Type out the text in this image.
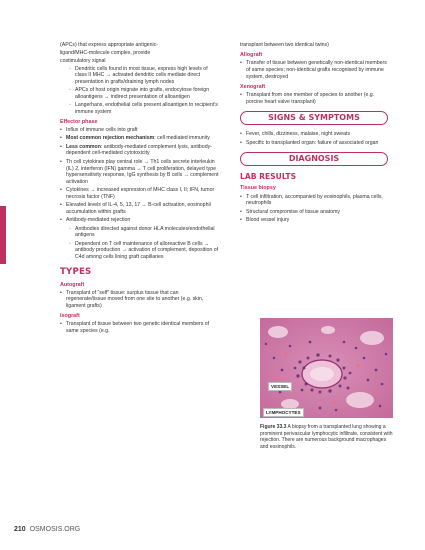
(APCs) that express appropriate antigenic-

ligand/MHC-molecule complex, provide

costimulatory signal

◦ Dendritic cells found in most tissue, express high levels of class II MHC → activated dendritic cells mediate direct presentation in grafts/draining lymph nodes
◦ APCs of host origin migrate into grafts, endocytose foreign alloantigens → indirect presentation of alloantigen
◦ Langerhans, endothelial cells present alloantigen to recipient's immune system
Effector phase
• Influx of immune cells into graft
• Most common rejection mechanism: cell mediated immunity
• Less common: antibody-mediated complement lysis, antibody-dependent cell-mediated cytotoxicity
• Th cell cytokines play central role → Th1 cells secrete interleukin (IL) 2, interferon (IFN) gamma → T cell proliferation, delayed type hypersensitivity response, IgG synthesis by B cells → complement activation
• Cytokines → increased expression of MHC class I, II; IFN, tumor necrosis factor (TNF)
• Elevated levels of IL-4, 5, 13, 17 → B-cell activation, eosinophil accumulation within grafts
• Antibody-mediated rejection
◦ Antibodies directed against donor HLA molecules/endothelial antigens
◦ Dependent on T cell maintenance of alloreactive B cells → antibody production → activation of complement, deposition of C4d among cells lining graft capillaries
TYPES
Autograft
• Transplant of “self” tissue: surplus tissue that can regenerate/tissue moved from one site to another (e.g. skin, ligament grafts)
Isograft
• Transplant of tissue between two genetic identical members of same species (e.g.

transplant between two identical twins)

Allograft
• Transfer of tissue between genetically non-identical members of same species; non-identical grafts recognised by immune system, destroyed
Xenograft
• Transplant from one member of species to another (e.g. porcine heart valve transplant)
SIGNS & SYMPTOMS
• Fever, chills, dizziness, malaise, night sweats
• Specific to transplanted organ: failure of associated organ
DIAGNOSIS
LAB RESULTS
Tissue biopsy
• T cell infiltration, accompanied by eosinophils, plasma cells, neutrophils
• Structural compromise of tissue anatomy
• Blood vessel injury
VESSEL
LYMPHOCYTES
Figure 33.3 A biopsy from a transplanted lung showing a prominent perivascular lymphocytic infiltrate, consistent with rejection. There are numerous background macrophages and eosinophils.
210 OSMOSIS.ORG
